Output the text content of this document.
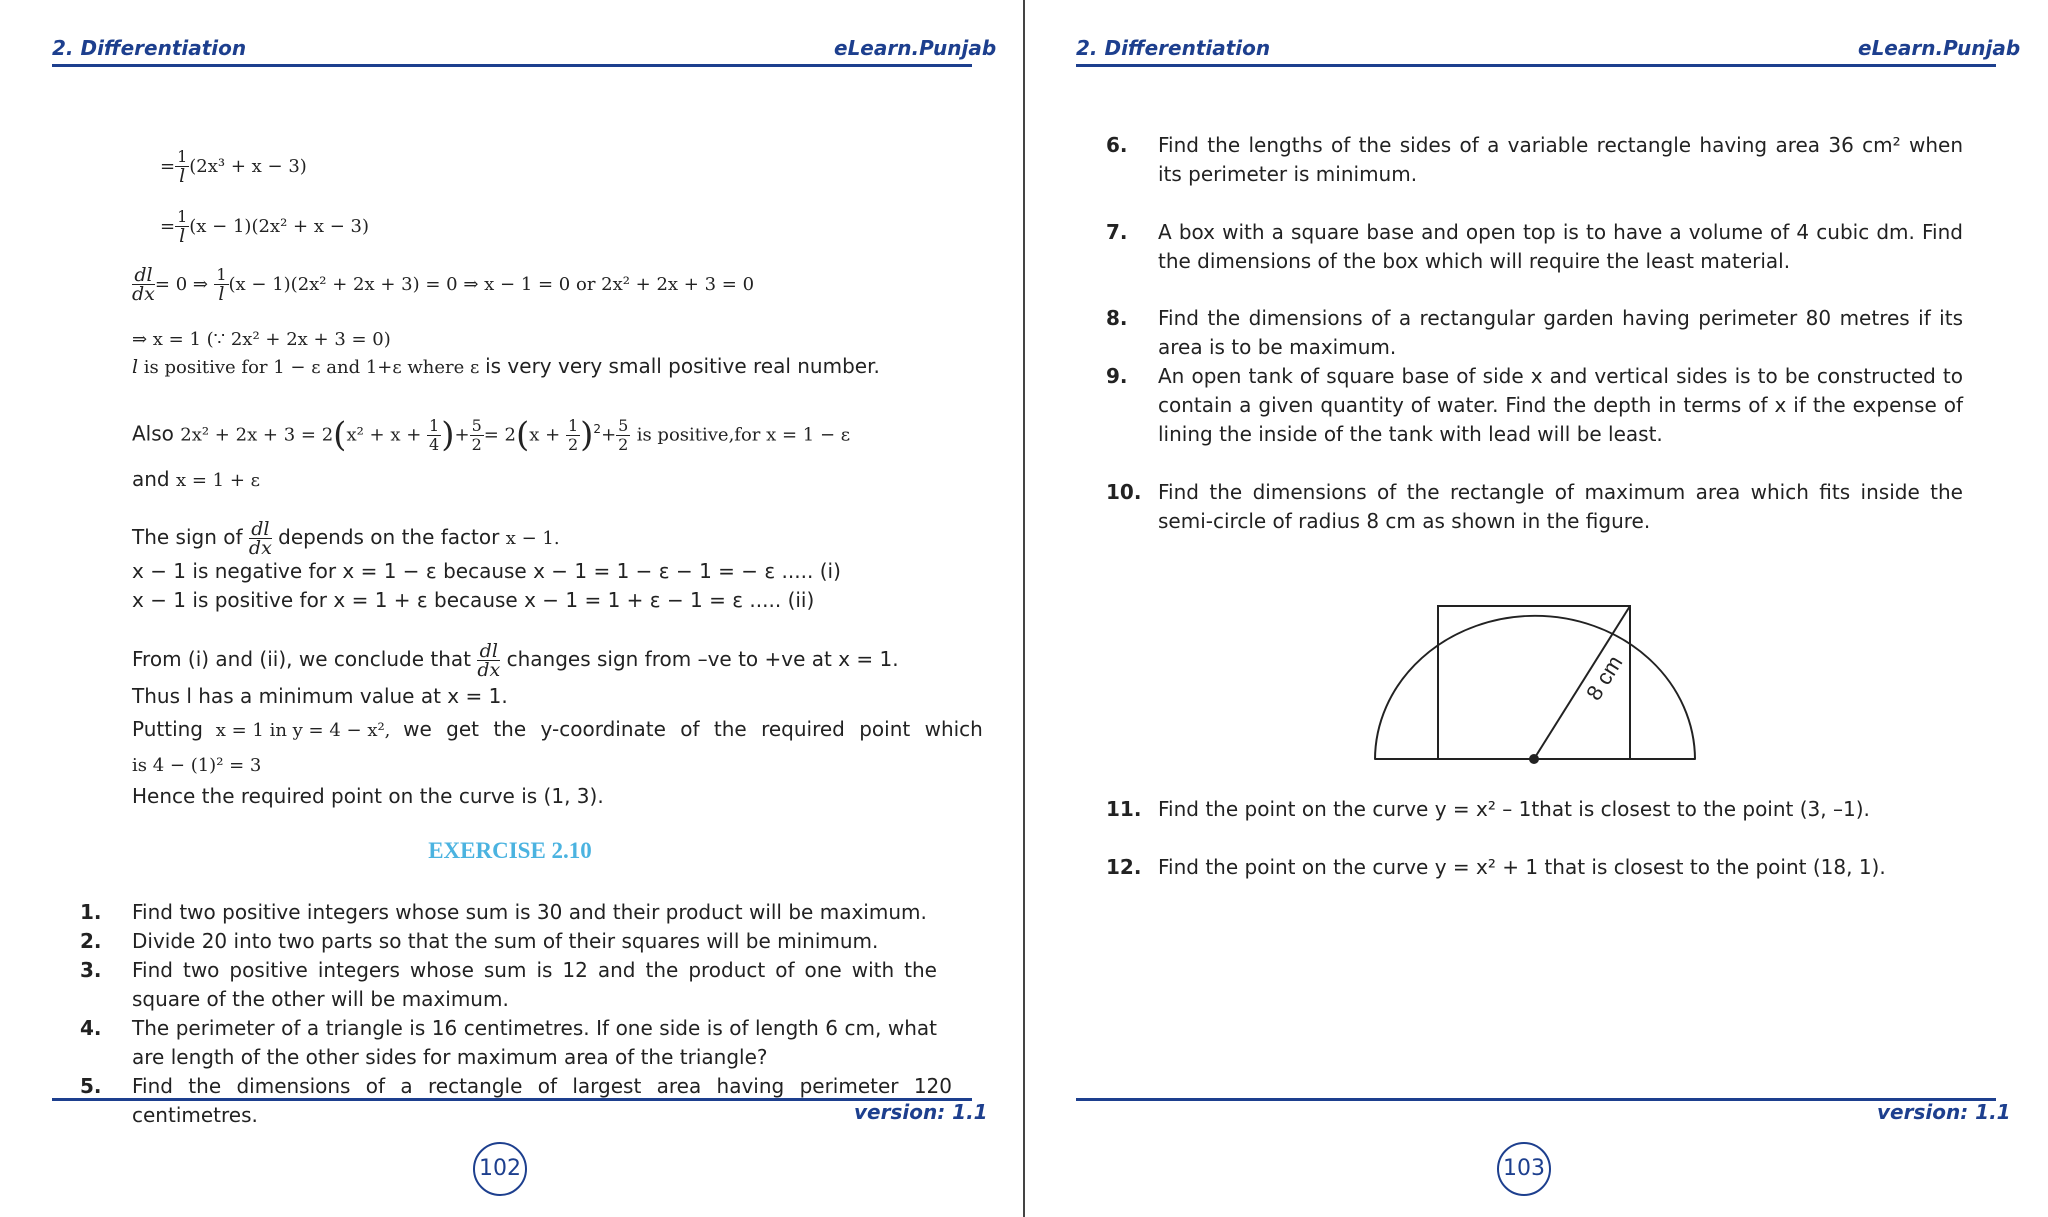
2. Differentiation	eLearn.Punjab
= $\frac{1}{l} (2x^3 + x - 3)$
= $\frac{1}{l} (x - 1)(2x^2 + x - 3)$
$\frac{dl}{dx} = 0$ ⇒ $\frac{1}{l} (x - 1)(2x^2 + 2x + 3) = 0$ ⇒ x − 1 = 0 or 2x² + 2x + 3 = 0
⇒ x = 1 (∵ 2x² + 2x + 3 = 0)
l is positive for 1 − ε and 1+ε where ε is very very small positive real number.
Also $2x^2 + 2x + 3 = 2(x^2 + x + \frac{1}{4}$ )+ $\frac{5}{2} = 2(x + \frac{1}{2} )^2+ \frac{5}{2}$ is positive,for x = 1 − ε
and x = 1 + ε
The sign of $\frac{dl}{dx}$ depends on the factor x − 1.
x − 1 is negative for x = 1 − ε because x − 1 = 1 − ε − 1 = − ε ..... (i)
x − 1 is positive for x = 1 + ε because x − 1 = 1 + ε − 1 = ε ..... (ii)
From (i) and (ii), we conclude that $\frac{dl}{dx}$ changes sign from –ve to +ve at x = 1.
Thus l has a minimum value at x = 1.
Putting x = 1 in y = 4 − x², we get the y-coordinate of the required point which
is 4 − (1)² = 3
Hence the required point on the curve is (1, 3).
EXERCISE 2.10
1. Find two positive integers whose sum is 30 and their product will be maximum.
2. Divide 20 into two parts so that the sum of their squares will be minimum.
3. Find two positive integers whose sum is 12 and the product of one with the square of the other will be maximum.
4. The perimeter of a triangle is 16 centimetres. If one side is of length 6 cm, what are length of the other sides for maximum area of the triangle?
5. Find the dimensions of a rectangle of largest area having perimeter 120 centimetres.	version: 1.1
102
2. Differentiation	eLearn.Punjab
6. Find the lengths of the sides of a variable rectangle having area 36 cm² when its perimeter is minimum.
7. A box with a square base and open top is to have a volume of 4 cubic dm. Find the dimensions of the box which will require the least material.
8. Find the dimensions of a rectangular garden having perimeter 80 metres if its area is to be maximum.
9. An open tank of square base of side x and vertical sides is to be constructed to contain a given quantity of water. Find the depth in terms of x if the expense of lining the inside of the tank with lead will be least.
10. Find the dimensions of the rectangle of maximum area which fits inside the semi-circle of radius 8 cm as shown in the figure.
8 cm
11. Find the point on the curve y = x² – 1that is closest to the point (3, –1).
12. Find the point on the curve y = x² + 1 that is closest to the point (18, 1).
version: 1.1
103
